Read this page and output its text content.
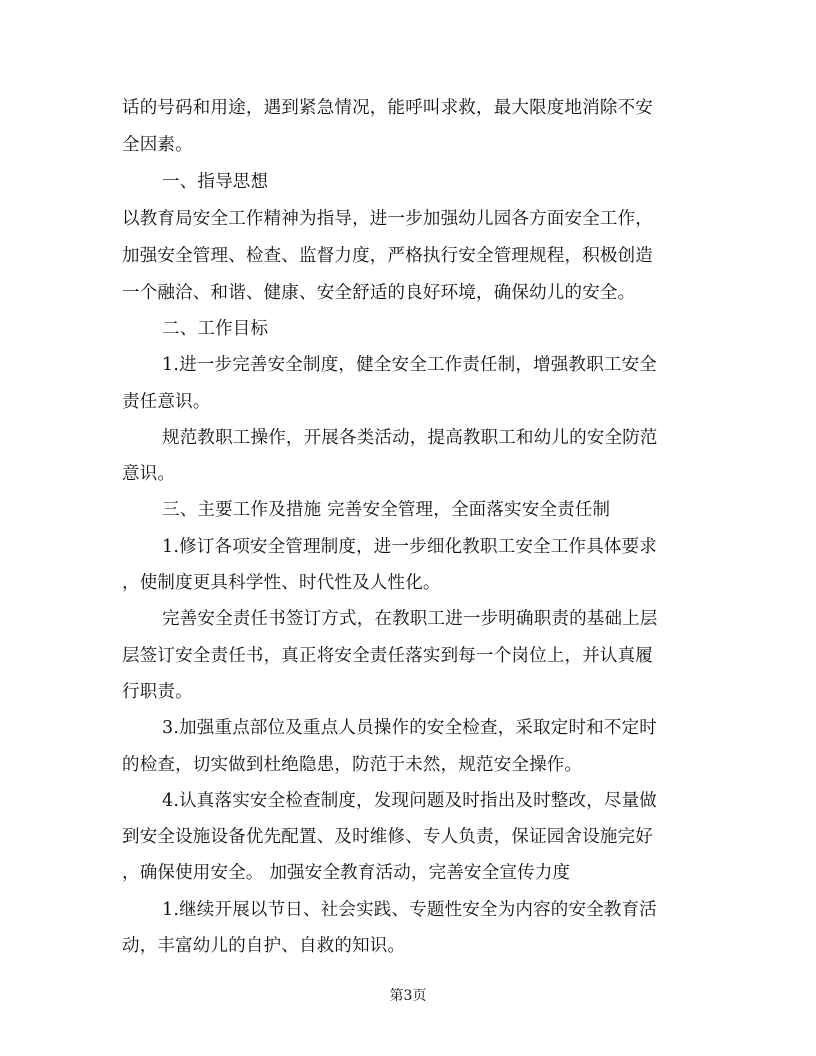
话的号码和用途，遇到紧急情况，能呼叫求救，最大限度地消除不安
全因素。
一、指导思想
以教育局安全工作精神为指导，进一步加强幼儿园各方面安全工作，
加强安全管理、检查、监督力度，严格执行安全管理规程，积极创造
一个融洽、和谐、健康、安全舒适的良好环境，确保幼儿的安全。
二、工作目标
1.进一步完善安全制度，健全安全工作责任制，增强教职工安全
责任意识。
规范教职工操作，开展各类活动，提高教职工和幼儿的安全防范
意识。
三、主要工作及措施 完善安全管理，全面落实安全责任制
1.修订各项安全管理制度，进一步细化教职工安全工作具体要求
，使制度更具科学性、时代性及人性化。
完善安全责任书签订方式，在教职工进一步明确职责的基础上层
层签订安全责任书，真正将安全责任落实到每一个岗位上，并认真履
行职责。
3.加强重点部位及重点人员操作的安全检查，采取定时和不定时
的检查，切实做到杜绝隐患，防范于未然，规范安全操作。
4.认真落实安全检查制度，发现问题及时指出及时整改，尽量做
到安全设施设备优先配置、及时维修、专人负责，保证园舍设施完好
，确保使用安全。 加强安全教育活动，完善安全宣传力度
1.继续开展以节日、社会实践、专题性安全为内容的安全教育活
动，丰富幼儿的自护、自救的知识。
第3页
